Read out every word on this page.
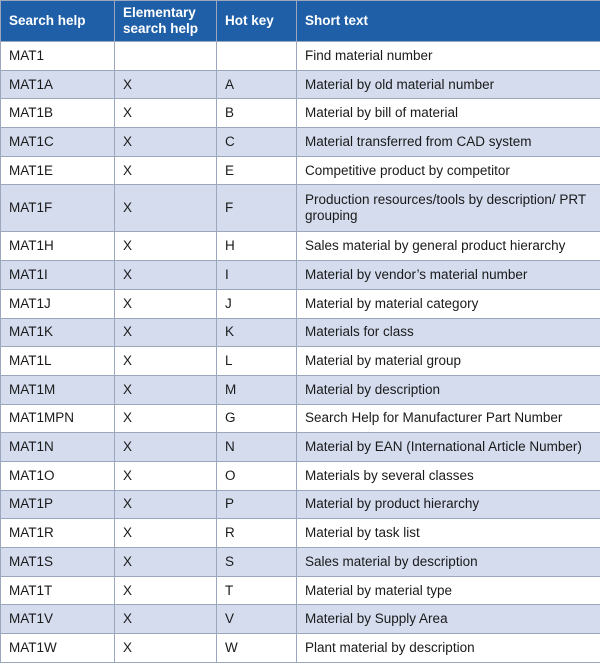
Search help	Elementary search help	Hot key	Short text
MAT1			Find material number
MAT1A	X	A	Material by old material number
MAT1B	X	B	Material by bill of material
MAT1C	X	C	Material transferred from CAD system
MAT1E	X	E	Competitive product by competitor
MAT1F	X	F	Production resources/tools by description/ PRT grouping
MAT1H	X	H	Sales material by general product hierarchy
MAT1I	X	I	Material by vendor’s material number
MAT1J	X	J	Material by material category
MAT1K	X	K	Materials for class
MAT1L	X	L	Material by material group
MAT1M	X	M	Material by description
MAT1MPN	X	G	Search Help for Manufacturer Part Number
MAT1N	X	N	Material by EAN (International Article Number)
MAT1O	X	O	Materials by several classes
MAT1P	X	P	Material by product hierarchy
MAT1R	X	R	Material by task list
MAT1S	X	S	Sales material by description
MAT1T	X	T	Material by material type
MAT1V	X	V	Material by Supply Area
MAT1W	X	W	Plant material by description
